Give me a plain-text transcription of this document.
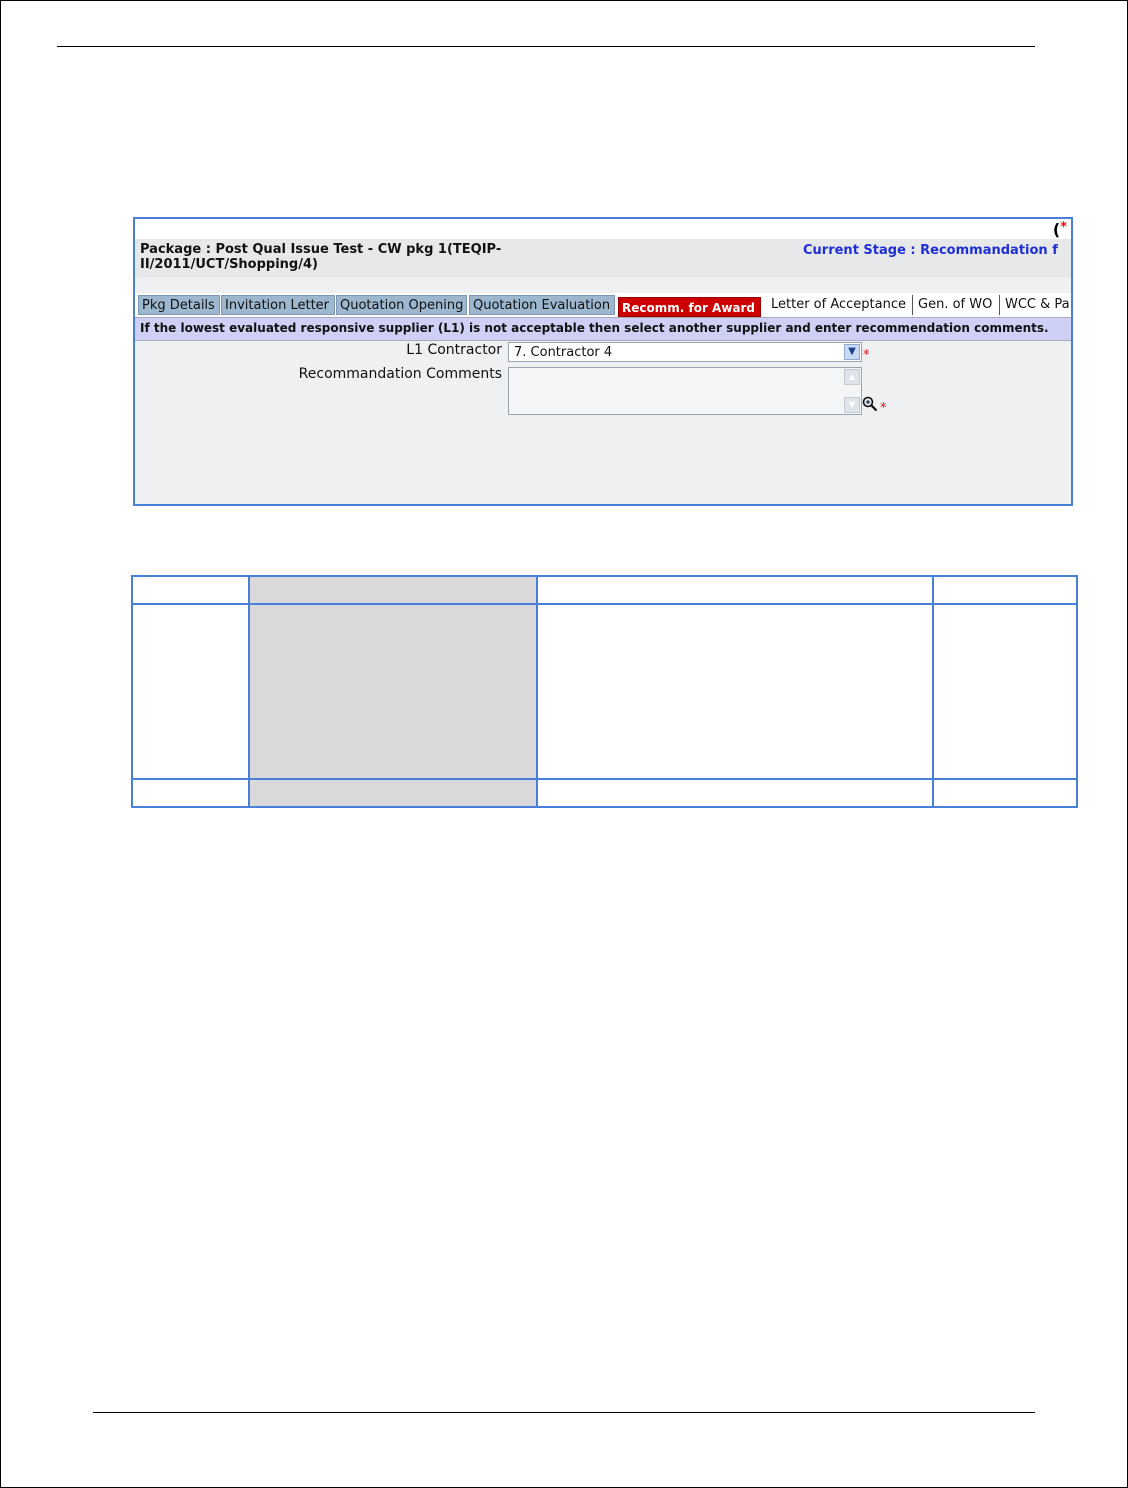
(*
Package : Post Qual Issue Test - CW pkg 1(TEQIP-II/2011/UCT/Shopping/4)
Current Stage : Recommandation f
Pkg Details Invitation Letter Quotation Opening Quotation Evaluation Recomm. for Award	Letter of Acceptance Gen. of WO WCC & Pa
If the lowest evaluated responsive supplier (L1) is not acceptable then select another supplier and enter recommendation comments.
L1 Contractor 7. Contractor 4	▼ *
Recommandation Comments	▲
▼	*
